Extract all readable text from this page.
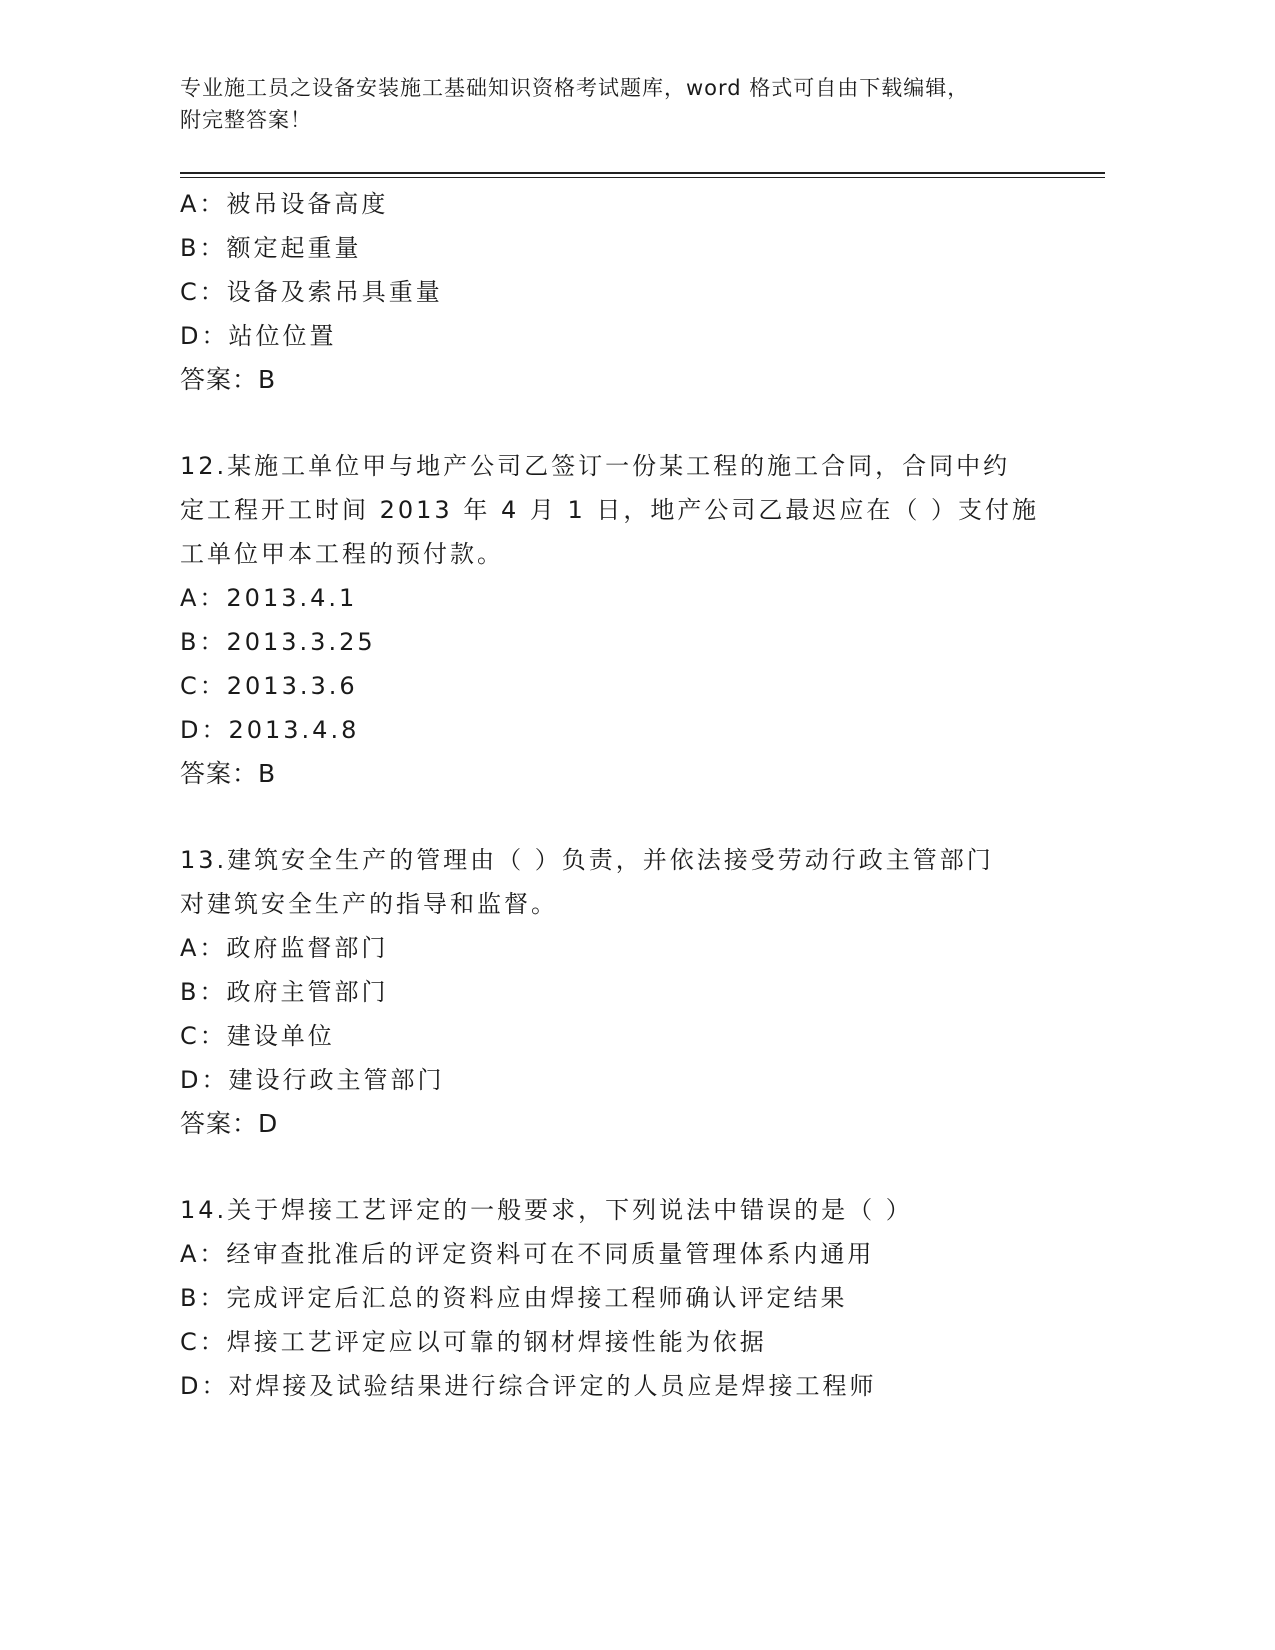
专业施工员之设备安装施工基础知识资格考试题库，word 格式可自由下载编辑，
附完整答案！
A：被吊设备高度
B：额定起重量
C：设备及索吊具重量
D：站位位置
答案：B
12.某施工单位甲与地产公司乙签订一份某工程的施工合同，合同中约
定工程开工时间 2013 年 4 月 1 日，地产公司乙最迟应在（ ）支付施
工单位甲本工程的预付款。
A：2013.4.1
B：2013.3.25
C：2013.3.6
D：2013.4.8
答案：B
13.建筑安全生产的管理由（ ）负责，并依法接受劳动行政主管部门
对建筑安全生产的指导和监督。
A：政府监督部门
B：政府主管部门
C：建设单位
D：建设行政主管部门
答案：D
14.关于焊接工艺评定的一般要求，下列说法中错误的是（ ）
A：经审查批准后的评定资料可在不同质量管理体系内通用
B：完成评定后汇总的资料应由焊接工程师确认评定结果
C：焊接工艺评定应以可靠的钢材焊接性能为依据
D：对焊接及试验结果进行综合评定的人员应是焊接工程师
